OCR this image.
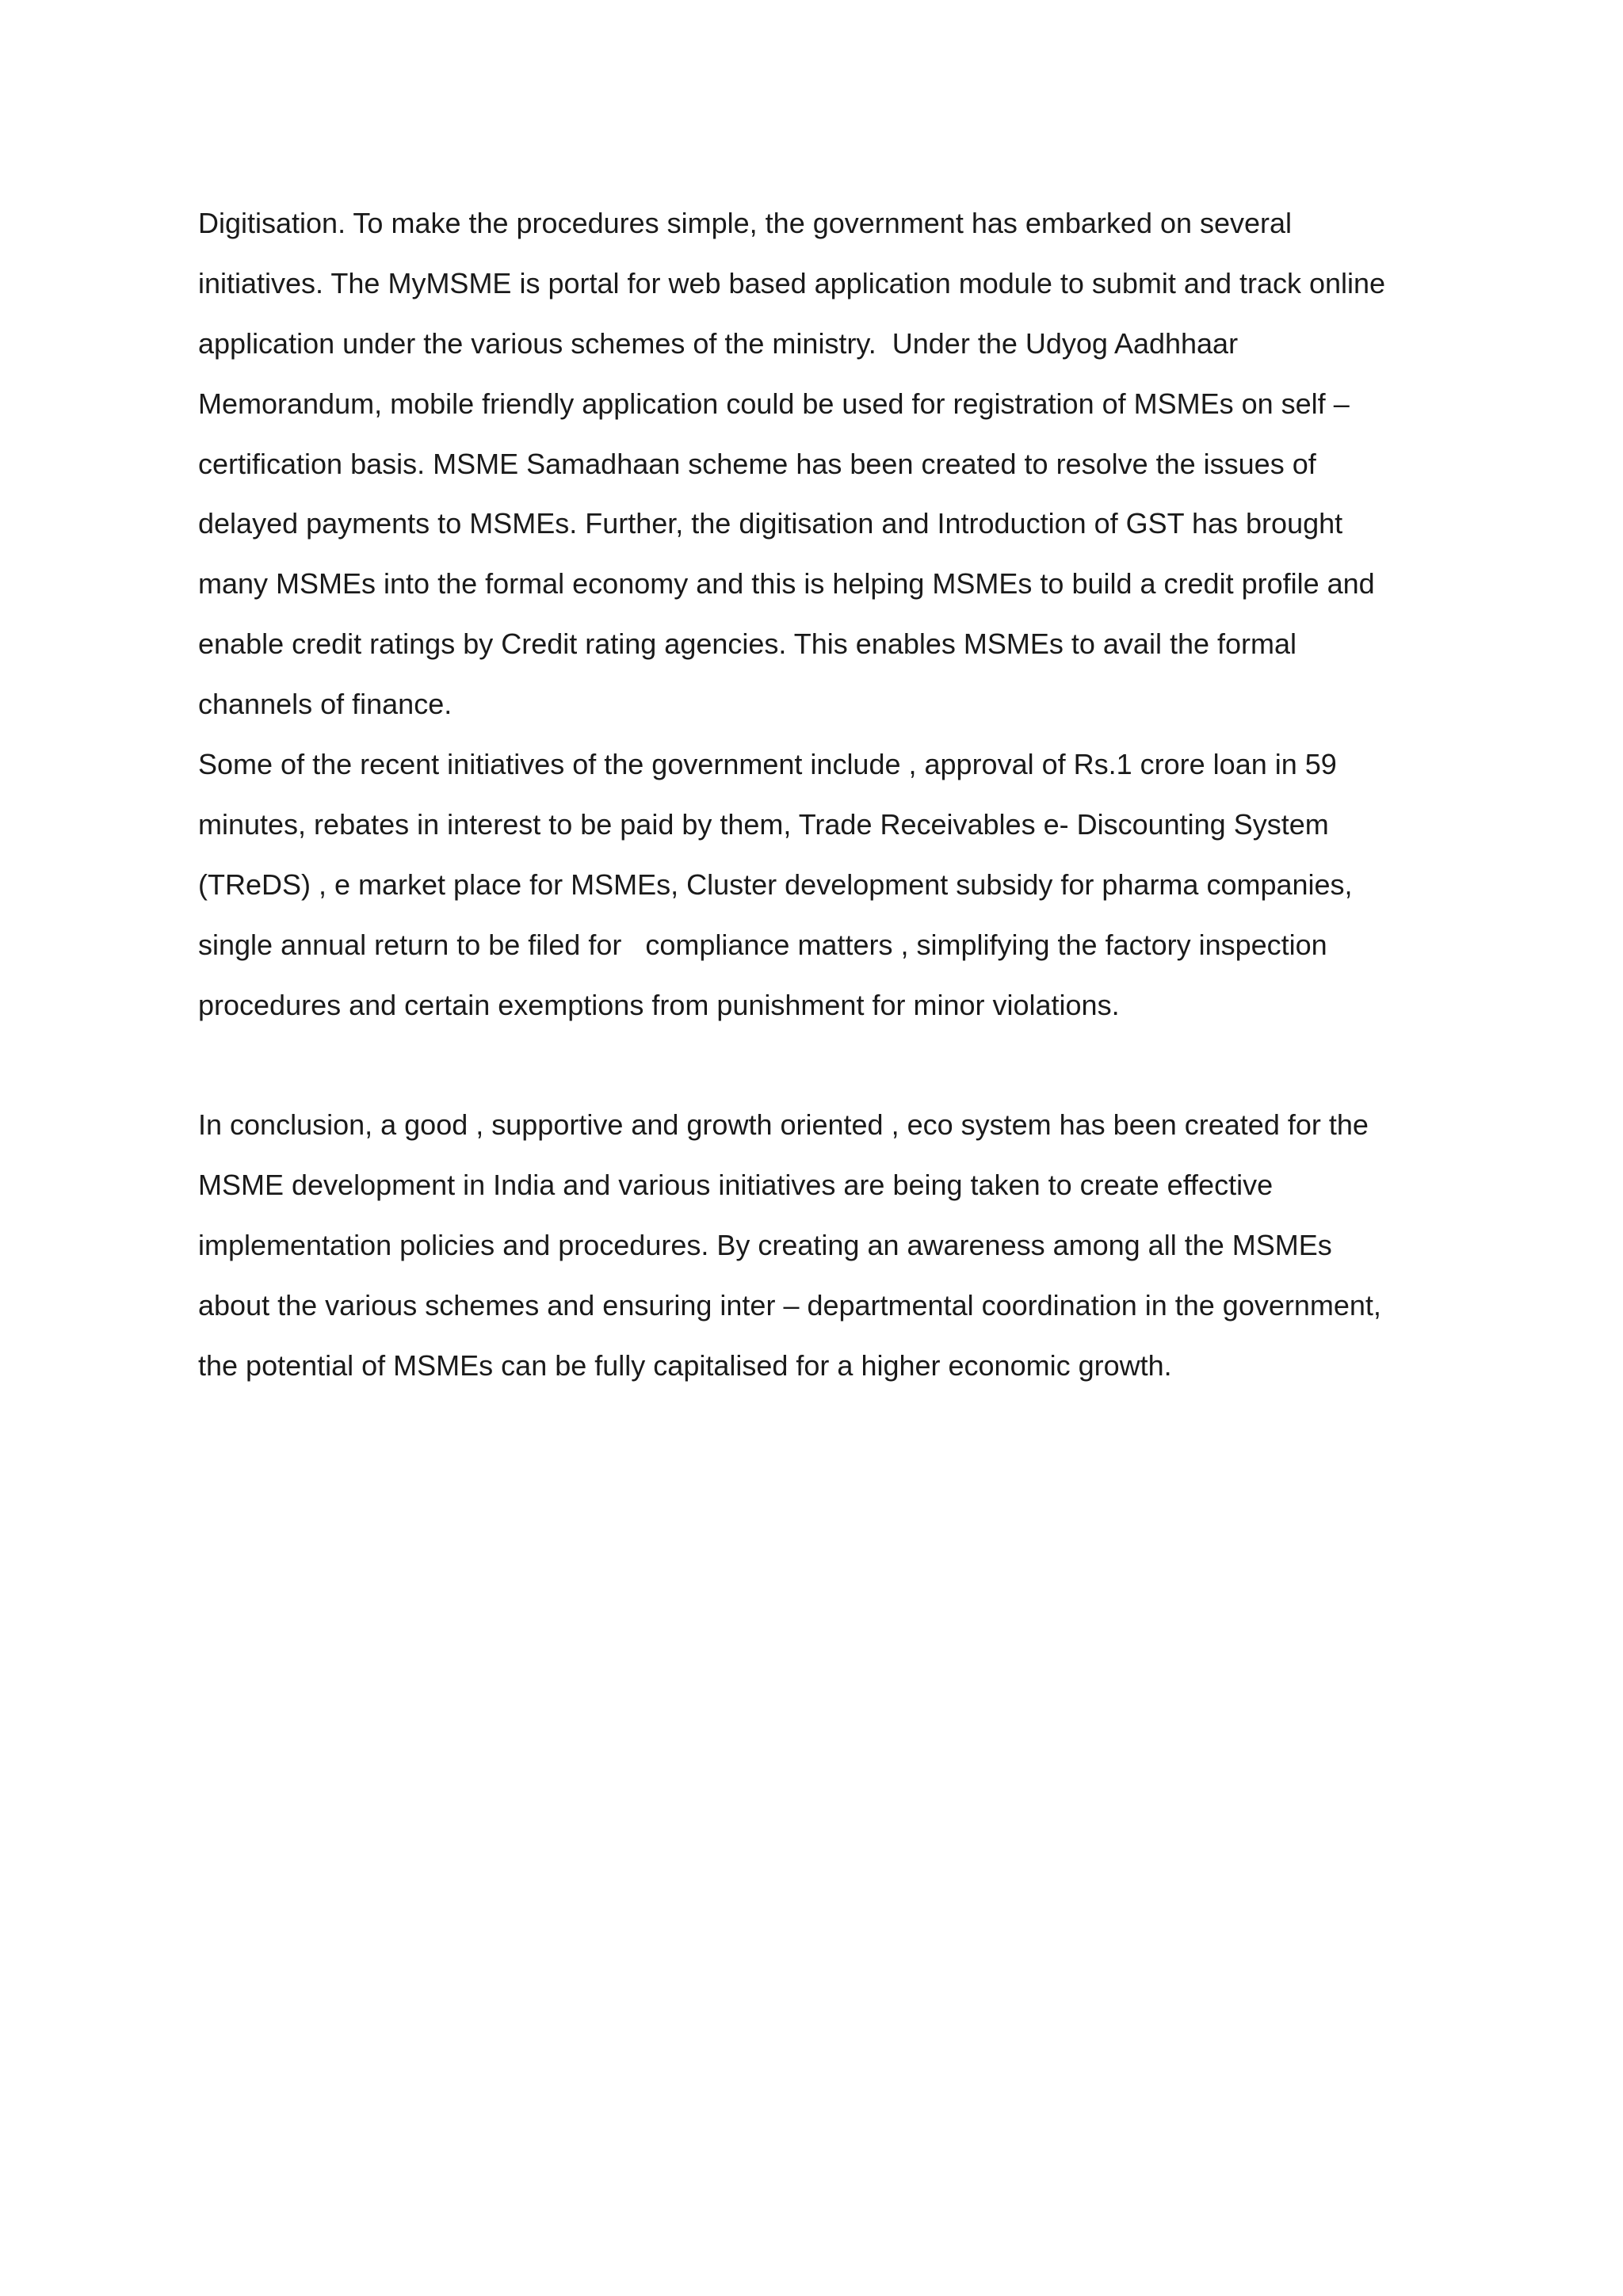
Digitisation. To make the procedures simple, the government has embarked on several
initiatives. The MyMSME is portal for web based application module to submit and track online
application under the various schemes of the ministry.  Under the Udyog Aadhhaar
Memorandum, mobile friendly application could be used for registration of MSMEs on self –
certification basis. MSME Samadhaan scheme has been created to resolve the issues of
delayed payments to MSMEs. Further, the digitisation and Introduction of GST has brought
many MSMEs into the formal economy and this is helping MSMEs to build a credit profile and
enable credit ratings by Credit rating agencies. This enables MSMEs to avail the formal
channels of finance.
Some of the recent initiatives of the government include , approval of Rs.1 crore loan in 59
minutes, rebates in interest to be paid by them, Trade Receivables e- Discounting System
(TReDS) , e market place for MSMEs, Cluster development subsidy for pharma companies,
single annual return to be filed for   compliance matters , simplifying the factory inspection
procedures and certain exemptions from punishment for minor violations.
In conclusion, a good , supportive and growth oriented , eco system has been created for the
MSME development in India and various initiatives are being taken to create effective
implementation policies and procedures. By creating an awareness among all the MSMEs
about the various schemes and ensuring inter – departmental coordination in the government,
the potential of MSMEs can be fully capitalised for a higher economic growth.
